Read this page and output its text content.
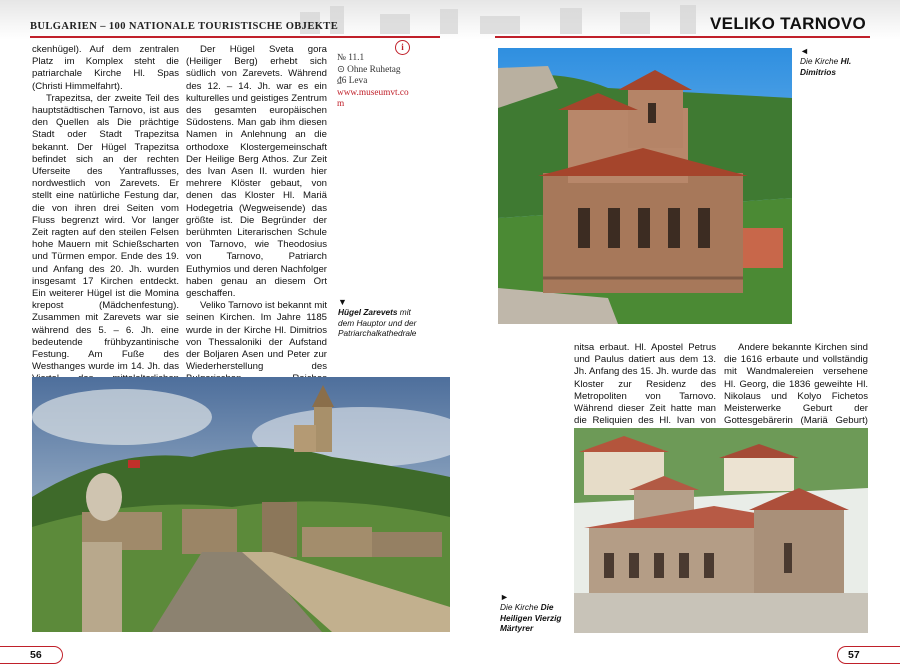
BULGARIEN – 100 NATIONALE TOURISTISCHE OBJEKTE	VELIKO TARNOVO

ckenhügel). Auf dem zentralen Platz im Komplex steht die patriarchale Kirche Hl. Spas (Christi Himmelfahrt).

Trapezitsa, der zweite Teil des hauptstädtischen Tarnovo, ist aus den Quellen als Die prächtige Stadt oder Stadt Trapezitsa bekannt. Der Hügel Trapezitsa befindet sich an der rechten Uferseite des Yantraflusses, nordwestlich von Zarevets. Er stellt eine natürliche Festung dar, die von ihren drei Seiten vom Fluss begrenzt wird. Vor langer Zeit ragten auf den steilen Felsen hohe Mauern mit Schießscharten und Türmen empor. Ende des 19. und Anfang des 20. Jh. wurden insgesamt 17 Kirchen entdeckt. Ein weiterer Hügel ist die Momina krepost (Mädchenfestung). Zusammen mit Zarevets war sie während des 5. – 6. Jh. eine bedeutende frühbyzantinische Festung. Am Fuße des Westhanges wurde im 14. Jh. das

Der Hügel Sveta gora (Heiliger Berg) erhebt sich südlich von Zarevets. Während des 12. – 14. Jh. war es ein kulturelles und geistiges Zentrum des gesamten europäischen Südostens. Man gab ihm diesen Namen in Anlehnung an die orthodoxe Klostergemeinschaft Der Heilige Berg Athos. Zur Zeit des Ivan Asen II. wurden hier mehrere Klöster gebaut, von denen das Kloster Hl. Mariä Hodegetria (Wegweisende) das größte ist. Die Begründer der berühmten Literarischen Schule von Tarnovo, wie Theodosius von Tarnovo, Patriarch Euthymios und deren Nachfolger haben genau an diesem Ort geschaffen.

Veliko Tarnovo ist bekannt mit seinen Kirchen. Im Jahre 1185 wurde in der Kirche Hl. Dimitrios von Thessaloniki der Aufstand der Boljaren Asen und Peter zur Wiederherstellung des

i
№ 11.1
⊙ Ohne Ruhetag
₫6 Leva
www.museumvt.com
▼
Hügel Zarevets mit dem Hauptor und der Patriarchalkathedrale
◄
Die Kirche Hl. Dimitrios

nitsa erbaut. Hl. Apostel Petrus und Paulus datiert aus dem 13. Jh. Anfang des 15. Jh. wurde das Kloster zur Residenz des Metropoliten von Tarnovo. Während dieser Zeit hatte man die Reliquien des Hl. Ivan von

Andere bekannte Kirchen sind die 1616 erbaute und vollständig mit Wandmalereien versehene Hl. Georg, die 1836 geweihte Hl. Nikolaus und Kolyo Fichetos Meisterwerke Geburt der Gottesgebärerin (Mariä Geburt)

►
Die Kirche Die Heiligen Vierzig Märtyrer
56	57
